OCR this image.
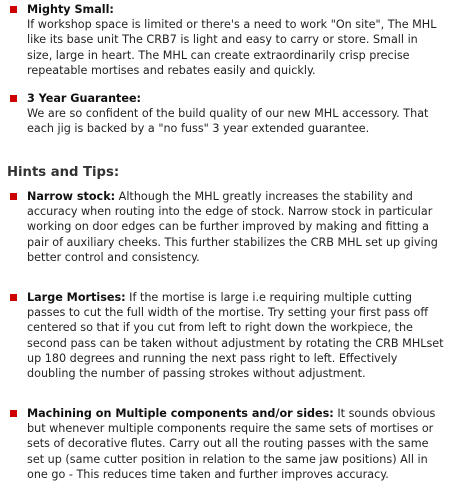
Mighty Small:
If workshop space is limited or there's a need to work "On site", The MHL
like its base unit The CRB7 is light and easy to carry or store. Small in
size, large in heart. The MHL can create extraordinarily crisp precise
repeatable mortises and rebates easily and quickly.
3 Year Guarantee:
We are so confident of the build quality of our new MHL accessory. That
each jig is backed by a "no fuss" 3 year extended guarantee.
Hints and Tips:
Narrow stock: Although the MHL greatly increases the stability and
accuracy when routing into the edge of stock. Narrow stock in particular
working on door edges can be further improved by making and fitting a
pair of auxiliary cheeks. This further stabilizes the CRB MHL set up giving
better control and consistency.
Large Mortises: If the mortise is large i.e requiring multiple cutting
passes to cut the full width of the mortise. Try setting your first pass off
centered so that if you cut from left to right down the workpiece, the
second pass can be taken without adjustment by rotating the CRB MHLset
up 180 degrees and running the next pass right to left. Effectively
doubling the number of passing strokes without adjustment.
Machining on Multiple components and/or sides: It sounds obvious
but whenever multiple components require the same sets of mortises or
sets of decorative flutes. Carry out all the routing passes with the same
set up (same cutter position in relation to the same jaw positions) All in
one go - This reduces time taken and further improves accuracy.
